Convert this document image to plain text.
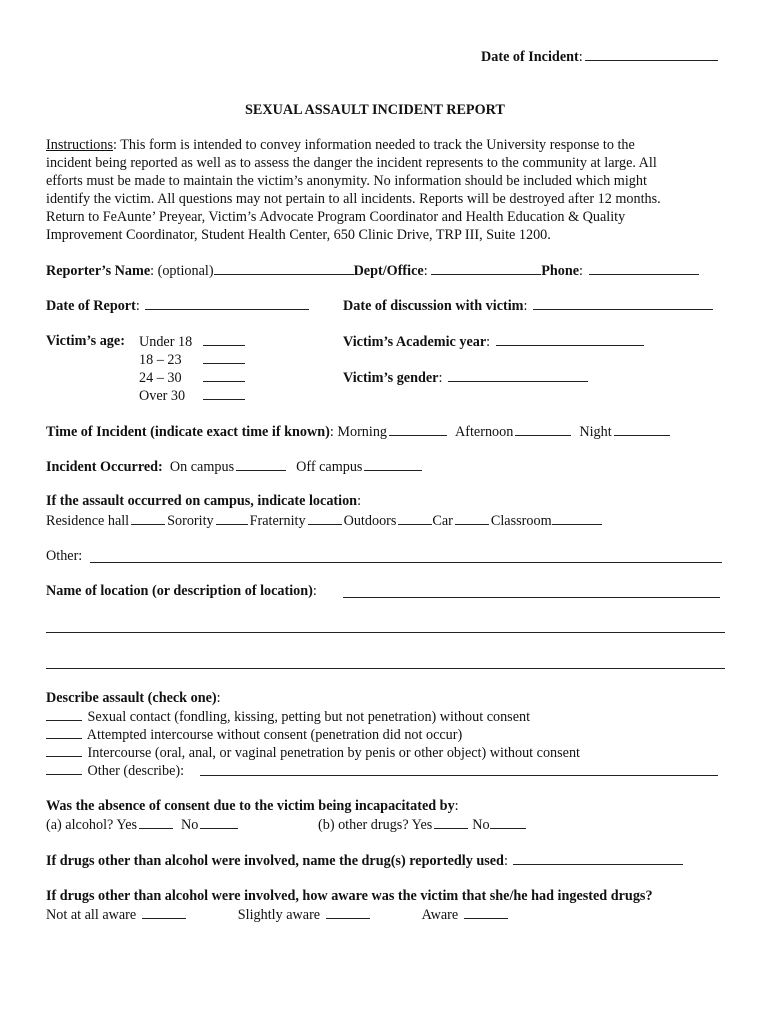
Date of Incident:
SEXUAL ASSAULT INCIDENT REPORT
Instructions: This form is intended to convey information needed to track the University response to the
incident being reported as well as to assess the danger the incident represents to the community at large. All
efforts must be made to maintain the victim’s anonymity. No information should be included which might
identify the victim. All questions may not pertain to all incidents. Reports will be destroyed after 12 months.
Return to FeAunte’ Preyear, Victim’s Advocate Program Coordinator and Health Education & Quality
Improvement Coordinator, Student Health Center, 650 Clinic Drive, TRP III, Suite 1200.
Reporter’s Name: (optional)	Dept/Office:	Phone:
Date of Report:	Date of discussion with victim:
Victim’s age: Under 18
18 – 23
24 – 30
Over 30
Victim’s Academic year:
Victim’s gender:
Time of Incident (indicate exact time if known): Morning	Afternoon	Night
Incident Occurred: On campus	Off campus
If the assault occurred on campus, indicate location:
Residence hall	Sorority	Fraternity	Outdoors	Car	Classroom
Other:
Name of location (or description of location):
Describe assault (check one):
Sexual contact (fondling, kissing, petting but not penetration) without consent
Attempted intercourse without consent (penetration did not occur)
Intercourse (oral, anal, or vaginal penetration by penis or other object) without consent
Other (describe):
Was the absence of consent due to the victim being incapacitated by:
(a) alcohol? Yes	No	(b) other drugs? Yes	No
If drugs other than alcohol were involved, name the drug(s) reportedly used:
If drugs other than alcohol were involved, how aware was the victim that she/he had ingested drugs?
Not at all aware	Slightly aware	Aware
